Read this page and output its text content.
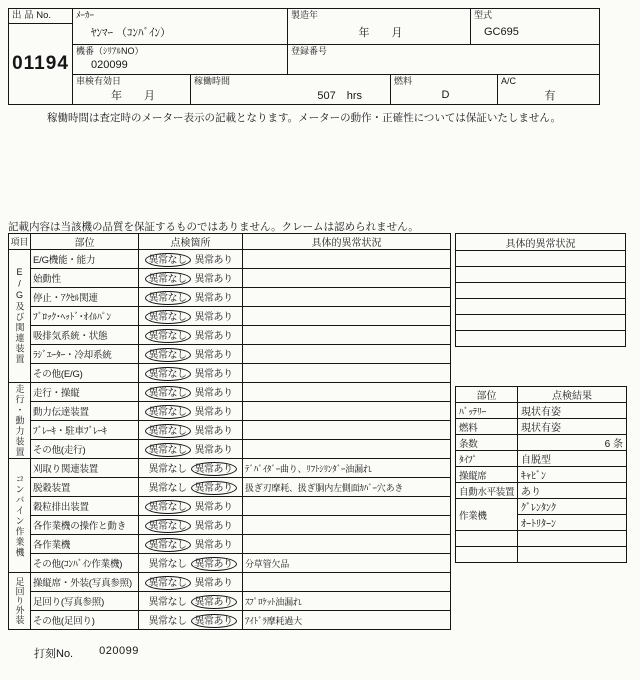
出 品 No.
01194
ﾒｰｶｰ
ﾔﾝﾏｰ （ｺﾝﾊﾞｲﾝ）
製造年
年　　月
型式
GC695
機番（ｼﾘｱﾙNO）
020099
登録番号
車検有効日
年　　月
稼働時間
507　hrs
燃料
D
A/C
有
稼働時間は査定時のメーター表示の記載となります。メーターの動作・正確性については保証いたしません。
記載内容は当該機の品質を保証するものではありません。クレームは認められません。
項目	部位	点検箇所	具体的異常状況

E/G及び関連装置	E/G機能・能力	異常なし 異常あり	
	始動性	異常なし 異常あり	
	停止・ｱｸｾﾙ関連	異常なし 異常あり	
	ﾌﾞﾛｯｸ･ﾍｯﾄﾞ･ｵｲﾙﾊﾟﾝ	異常なし 異常あり	
	吸排気系統・状態	異常なし 異常あり	
	ﾗｼﾞｴｰﾀｰ・冷却系統	異常なし 異常あり	
	その他(E/G)	異常なし 異常あり	

走行・動力装置	走行・操縦	異常なし 異常あり	
	動力伝達装置	異常なし 異常あり	
	ﾌﾞﾚｰｷ・駐車ﾌﾞﾚｰｷ	異常なし 異常あり	
	その他(走行)	異常なし 異常あり	

コンバイン作業機	刈取り関連装置	異常なし 異常あり	ﾃﾞﾊﾞｲﾀﾞｰ曲り、ﾘﾌﾄｼﾘﾝﾀﾞｰ油漏れ
	脱穀装置	異常なし 異常あり	扱ぎ刃摩耗、扱ぎ胴内左側面ｶﾊﾞｰ穴あき
	穀粒排出装置	異常なし 異常あり	
	各作業機の操作と動き	異常なし 異常あり	
	各作業機	異常なし 異常あり	
	その他(ｺﾝﾊﾞｲﾝ作業機)	異常なし 異常あり	分草管欠品

足回り外装	操縦席・外装(写真参照)	異常なし 異常あり	
	足回り(写真参照)	異常なし 異常あり	ｽﾌﾟﾛｹｯﾄ油漏れ
	その他(足回り)	異常なし 異常あり	ｱｲﾄﾞﾗ摩耗過大
具体的異常状況

部位	点検結果
ﾊﾞｯﾃﾘｰ	現状有姿
燃料	現状有姿
条数	6 条
ﾀｲﾌﾟ	自脱型
操縦席	ｷｬﾋﾞﾝ
自動水平装置	あり
作業機	ｸﾞﾚﾝﾀﾝｸ
	ｵｰﾄﾘﾀｰﾝ

打刻No. 020099
